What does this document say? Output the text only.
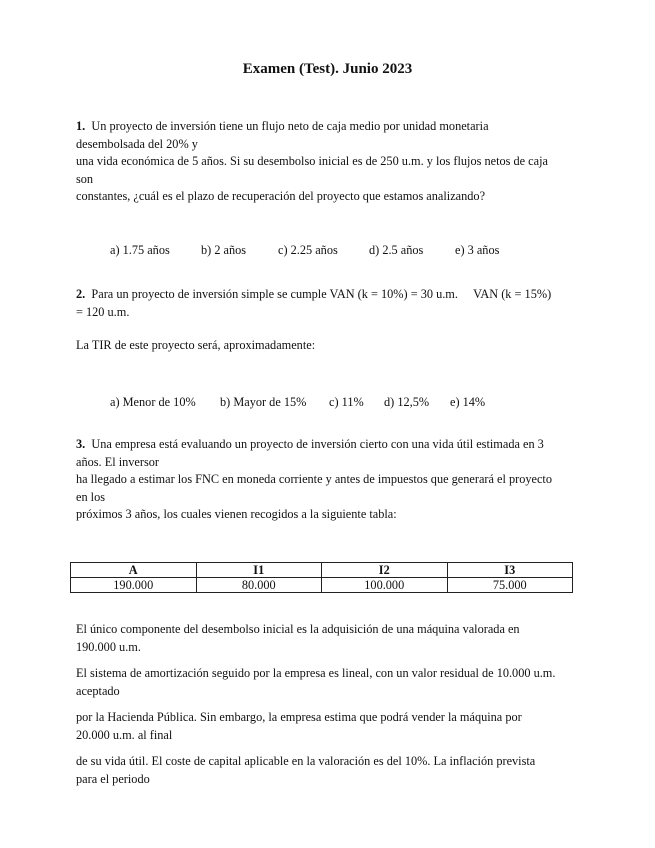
Examen (Test). Junio 2023
1. Un proyecto de inversión tiene un flujo neto de caja medio por unidad monetaria
desembolsada del 20% y
una vida económica de 5 años. Si su desembolso inicial es de 250 u.m. y los flujos netos de caja
son
constantes, ¿cuál es el plazo de recuperación del proyecto que estamos analizando?
a) 1.75 años	b) 2 años	c) 2.25 años	d) 2.5 años	e) 3 años
2. Para un proyecto de inversión simple se cumple VAN (k = 10%) = 30 u.m.     VAN (k = 15%)
= 120 u.m.
La TIR de este proyecto será, aproximadamente:
a) Menor de 10% b) Mayor de 15% c) 11% d) 12,5% e) 14%
3. Una empresa está evaluando un proyecto de inversión cierto con una vida útil estimada en 3
años. El inversor
ha llegado a estimar los FNC en moneda corriente y antes de impuestos que generará el proyecto
en los
próximos 3 años, los cuales vienen recogidos a la siguiente tabla:
A	I1	I2	I3
190.000	80.000	100.000	75.000
El único componente del desembolso inicial es la adquisición de una máquina valorada en
190.000 u.m.
El sistema de amortización seguido por la empresa es lineal, con un valor residual de 10.000 u.m.
aceptado
por la Hacienda Pública. Sin embargo, la empresa estima que podrá vender la máquina por
20.000 u.m. al final
de su vida útil. El coste de capital aplicable en la valoración es del 10%. La inflación prevista
para el periodo
